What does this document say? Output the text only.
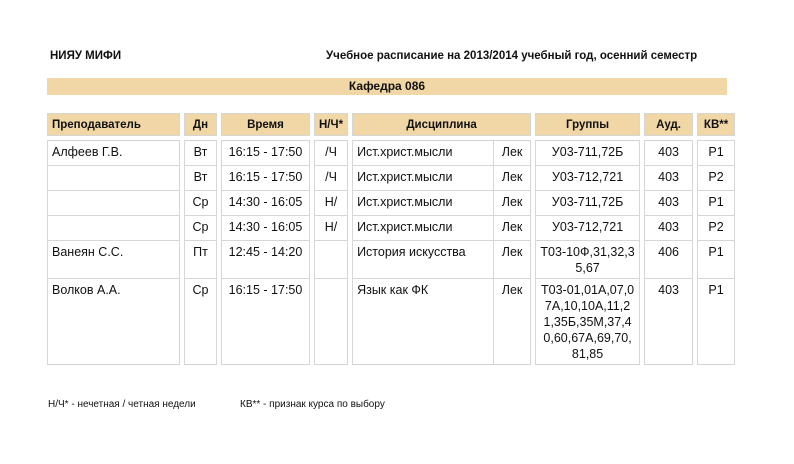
НИЯУ МИФИ	Учебное расписание на 2013/2014 учебный год, осенний семестр
Кафедра 086
Преподаватель		Дн		Время		Н/Ч*		Дисциплина			Группы		Ауд.		КВ**

Алфеев Г.В.		Вт		16:15 - 17:50		/Ч		Ист.христ.мысли	Лек		У03-711,72Б		403		Р1
		Вт		16:15 - 17:50		/Ч		Ист.христ.мысли	Лек		У03-712,721		403		Р2
		Ср		14:30 - 16:05		Н/		Ист.христ.мысли	Лек		У03-711,72Б		403		Р1
		Ср		14:30 - 16:05		Н/		Ист.христ.мысли	Лек		У03-712,721		403		Р2
Ванеян С.С.		Пт		12:45 - 14:20				История искусства	Лек		Т03-10Ф,31,32,35,67		406		Р1
Волков А.А.		Ср		16:15 - 17:50				Язык как ФК	Лек		Т03-01,01А,07,07А,10,10А,11,21,35Б,35М,37,40,60,67А,69,70,81,85		403		Р1
Н/Ч* - нечетная / четная недели	КВ** - признак курса по выбору
